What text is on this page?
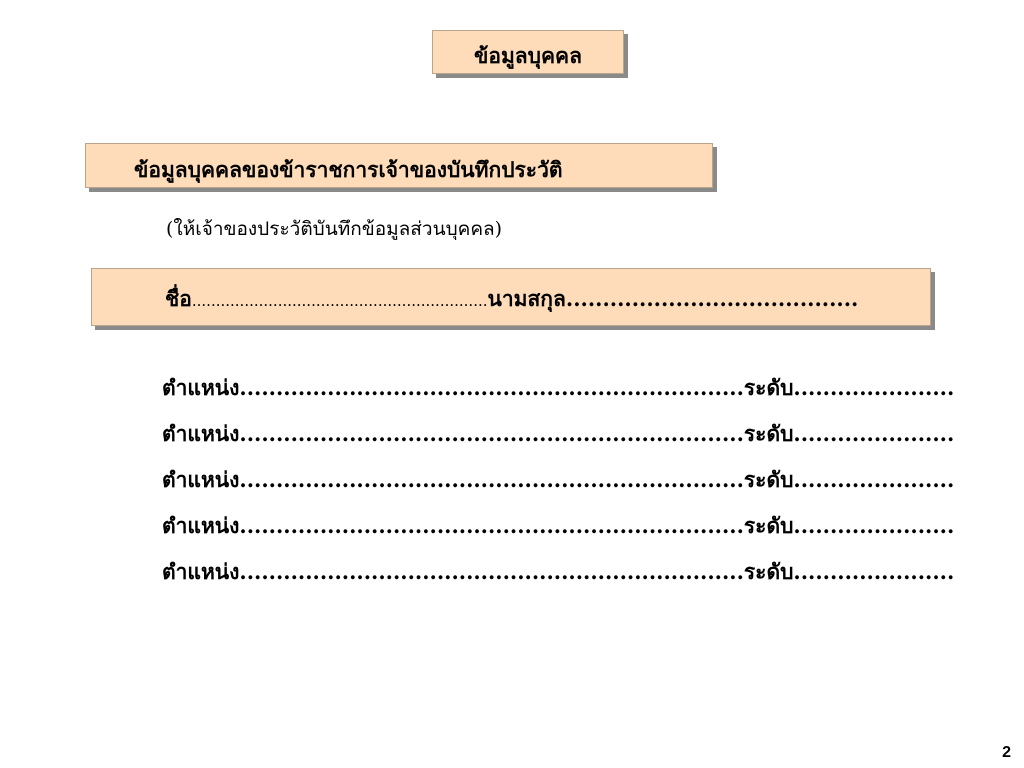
ข้อมูลบุคคล
ข้อมูลบุคคลของข้าราชการเจ้าของบันทึกประวัติ
(ให้เจ้าของประวัติบันทึกข้อมูลส่วนบุคคล)
ชื่อ..............................................................นามสกุล........................................
ตำแหน่ง.....................................................................ระดับ......................
ตำแหน่ง.....................................................................ระดับ......................
ตำแหน่ง.....................................................................ระดับ......................
ตำแหน่ง.....................................................................ระดับ......................
ตำแหน่ง.....................................................................ระดับ......................
2
